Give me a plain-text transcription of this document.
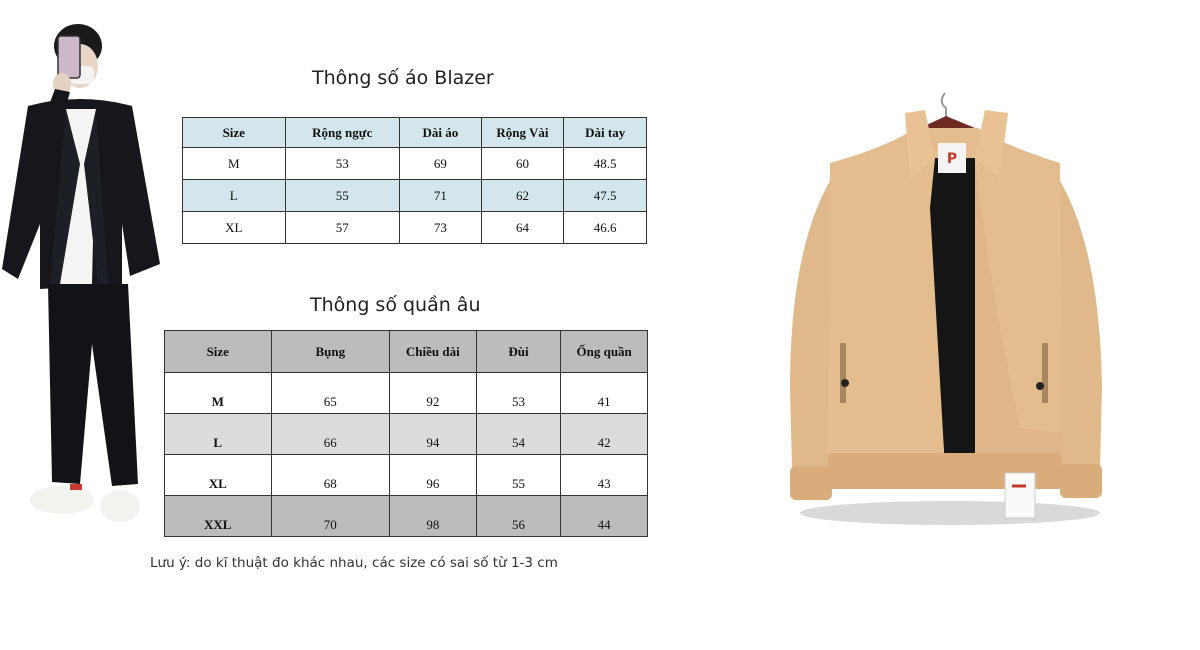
Thông số áo Blazer
Size	Rộng ngực	Dài áo	Rộng Vài	Dài tay
M	53	69	60	48.5
L	55	71	62	47.5
XL	57	73	64	46.6
Thông số quần âu
Size	Bụng	Chiều dài	Đùi	Ống quần
M	65	92	53	41
L	66	94	54	42
XL	68	96	55	43
XXL	70	98	56	44
Lưu ý: do kĩ thuật đo khác nhau, các size có sai số từ 1-3 cm
P
